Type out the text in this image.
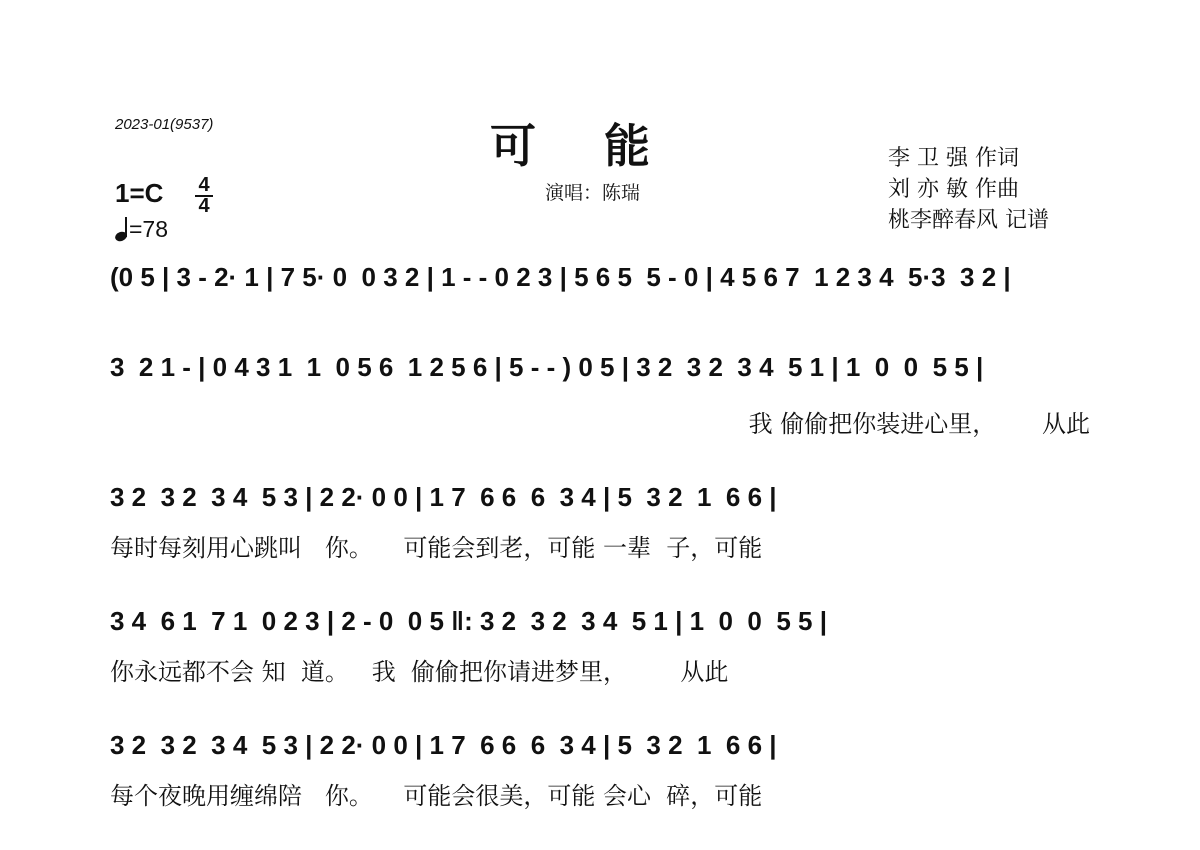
2023-01(9537)	可能
演唱：陈瑞
李 卫 强 作词
刘 亦 敏 作曲
桃李醉春风 记谱
1=C 4
4
=78
(0 5 | 3 - 2· 1 | 7 5· 0  0 3 2 | 1 - - 0 2 3 | 5 6 5  5 - 0 | 4 5 6 7  1 2 3 4  5·3  3 2 |
3  2 1 - | 0 4 3 1  1  0 5 6  1 2 5 6 | 5 - - ) 0 5 | 3 2  3 2  3 4  5 1 | 1  0  0  5 5 |
我 偷偷把你装进心里，      从此
3 2  3 2  3 4  5 3 | 2 2· 0 0 | 1 7  6 6  6  3 4 | 5  3 2  1  6 6 |
每时每刻用心跳叫   你。    可能会到老，可能 一辈  子，可能
3 4  6 1  7 1  0 2 3 | 2 - 0  0 5 ‖: 3 2  3 2  3 4  5 1 | 1  0  0  5 5 |
你永远都不会 知  道。   我  偷偷把你请进梦里，       从此
3 2  3 2  3 4  5 3 | 2 2· 0 0 | 1 7  6 6  6  3 4 | 5  3 2  1  6 6 |
每个夜晚用缠绵陪   你。    可能会很美，可能 会心  碎，可能
